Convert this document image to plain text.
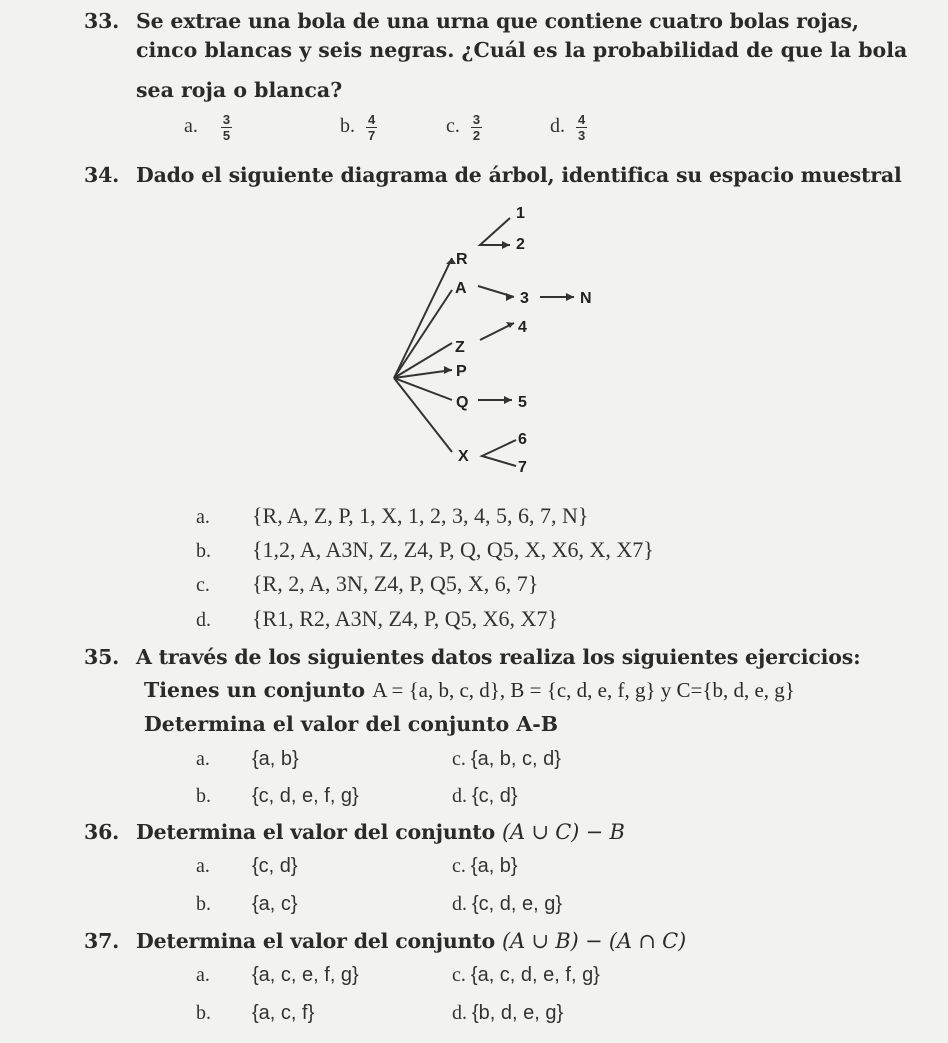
33. Se extrae una bola de una urna que contiene cuatro bolas rojas,
cinco blancas y seis negras. ¿Cuál es la probabilidad de que la bola
sea roja o blanca?
a. $\frac{3}{5}$	b. $\frac{4}{7}$	c. $\frac{3}{2}$	d. $\frac{4}{3}$
34. Dado el siguiente diagrama de árbol, identifica su espacio muestral
R
A
Z
P
Q
X
1
2
3	N
4
5
6
7
a. {R, A, Z, P, 1, X, 1, 2, 3, 4, 5, 6, 7, N}
b. {1,2, A, A3N, Z, Z4, P, Q, Q5, X, X6, X, X7}
c. {R, 2, A, 3N, Z4, P, Q5, X, 6, 7}
d. {R1, R2, A3N, Z4, P, Q5, X6, X7}
35. A través de los siguientes datos realiza los siguientes ejercicios:
Tienes un conjunto A = {a, b, c, d}, B = {c, d, e, f, g} y C={b, d, e, g}
Determina el valor del conjunto A-B
a. {a, b}
b. {c, d, e, f, g}
c. {a, b, c, d}
d. {c, d}
36. Determina el valor del conjunto (A ∪ C) − B
a. {c, d}
b. {a, c}
c. {a, b}
d. {c, d, e, g}
37. Determina el valor del conjunto (A ∪ B) − (A ∩ C)
a. {a, c, e, f, g}
b. {a, c, f}
c. {a, c, d, e, f, g}
d. {b, d, e, g}
